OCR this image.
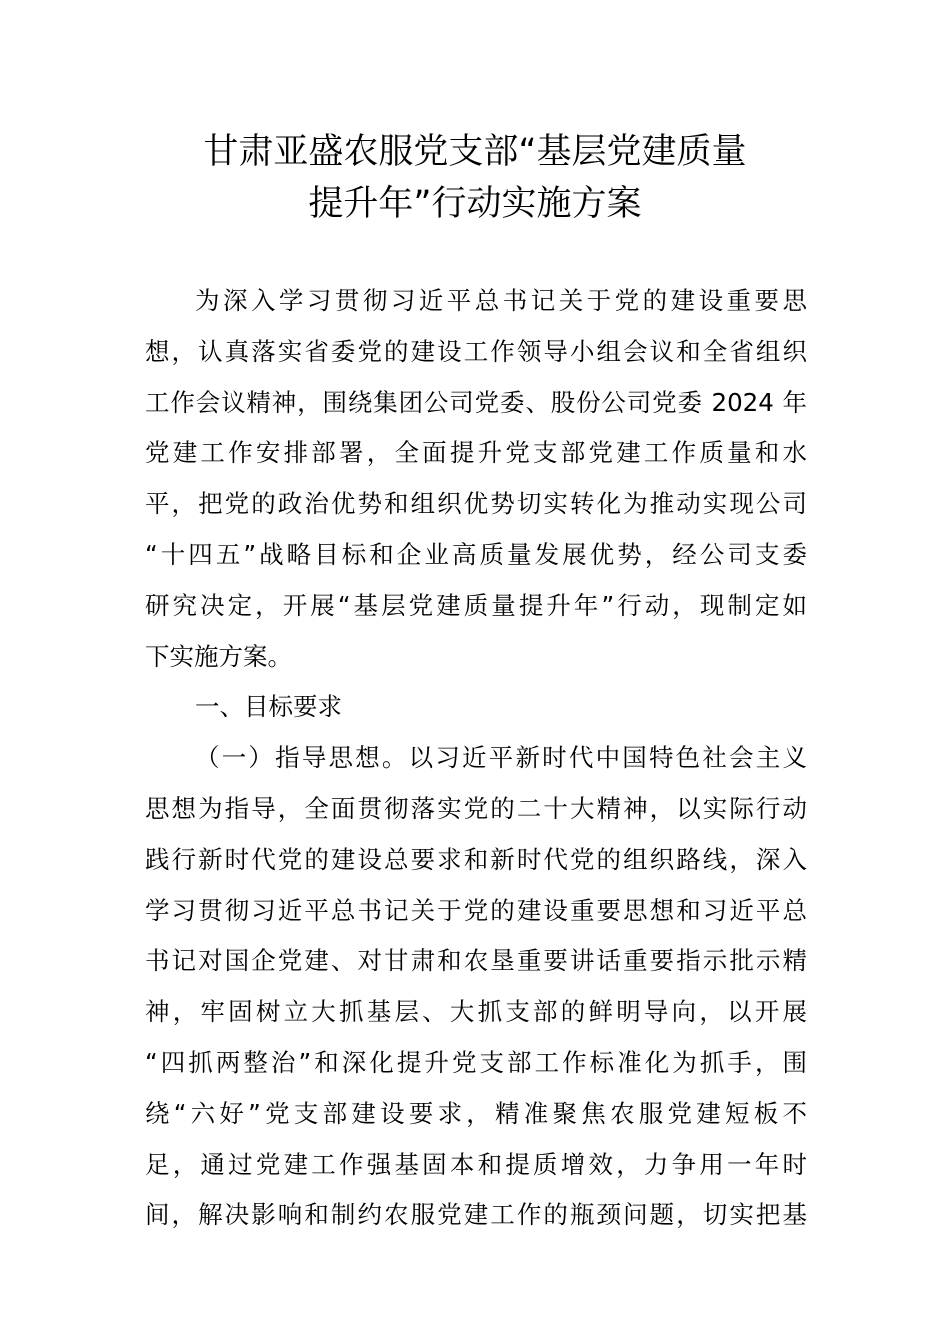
甘肃亚盛农服党支部“基层党建质量
提升年”行动实施方案
为深入学习贯彻习近平总书记关于党的建设重要思
想，认真落实省委党的建设工作领导小组会议和全省组织
工作会议精神，围绕集团公司党委、股份公司党委 2024 年
党建工作安排部署，全面提升党支部党建工作质量和水
平，把党的政治优势和组织优势切实转化为推动实现公司
“十四五”战略目标和企业高质量发展优势，经公司支委
研究决定，开展“基层党建质量提升年”行动，现制定如
下实施方案。
一、目标要求
（一）指导思想。以习近平新时代中国特色社会主义
思想为指导，全面贯彻落实党的二十大精神，以实际行动
践行新时代党的建设总要求和新时代党的组织路线，深入
学习贯彻习近平总书记关于党的建设重要思想和习近平总
书记对国企党建、对甘肃和农垦重要讲话重要指示批示精
神，牢固树立大抓基层、大抓支部的鲜明导向，以开展
“四抓两整治”和深化提升党支部工作标准化为抓手，围
绕“六好”党支部建设要求，精准聚焦农服党建短板不
足，通过党建工作强基固本和提质增效，力争用一年时
间，解决影响和制约农服党建工作的瓶颈问题，切实把基
